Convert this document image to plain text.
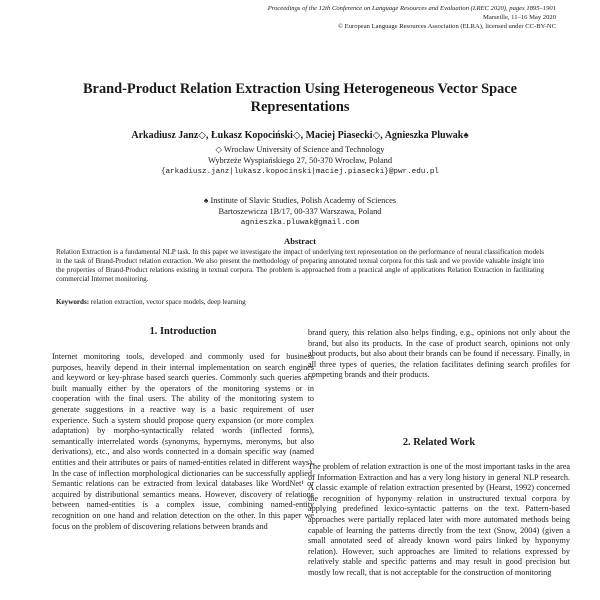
Proceedings of the 12th Conference on Language Resources and Evaluation (LREC 2020), pages 1895–1901
Marseille, 11–16 May 2020
© European Language Resources Association (ELRA), licensed under CC-BY-NC
Brand-Product Relation Extraction Using Heterogeneous Vector Space
Representations
Arkadiusz Janz◇, Łukasz Kopociński◇, Maciej Piasecki◇, Agnieszka Pluwak♠
◇ Wrocław University of Science and Technology
Wybrzeże Wyspiańskiego 27, 50-370 Wrocław, Poland
{arkadiusz.janz|lukasz.kopocinski|maciej.piasecki}@pwr.edu.pl
♠ Institute of Slavic Studies, Polish Academy of Sciences
Bartoszewicza 1B/17, 00-337 Warszawa, Poland
agnieszka.pluwak@gmail.com
Abstract
Relation Extraction is a fundamental NLP task. In this paper we investigate the impact of underlying text representation on the performance of neural classification models in the task of Brand-Product relation extraction. We also present the methodology of preparing annotated textual corpora for this task and we provide valuable insight into the properties of Brand-Product relations existing in textual corpora. The problem is approached from a practical angle of applications Relation Extraction in facilitating commercial Internet monitoring.
Keywords: relation extraction, vector space models, deep learning
1. Introduction
Internet monitoring tools, developed and commonly used for business purposes, heavily depend in their internal implementation on search engines and keyword or key-phrase based search queries. Commonly such queries are built manually either by the operators of the monitoring systems or in cooperation with the final users. The ability of the monitoring system to generate suggestions in a reactive way is a basic requirement of user experience. Such a system should propose query expansion (or more complex adaptation) by morpho-syntactically related words (inflected forms), semantically interrelated words (synonyms, hypernyms, meronyms, but also derivations), etc., and also words connected in a domain specific way (named entities and their attributes or pairs of named-entities related in different ways). In the case of inflection morphological dictionaries can be successfully applied. Semantic relations can be extracted from lexical databases like WordNet¹ or acquired by distributional semantics means. However, discovery of relations between named-entities is a complex issue, combining named-entity recognition on one hand and relation detection on the other. In this paper we focus on the problem of discovering relations between brands and
brand query, this relation also helps finding, e.g., opinions not only about the brand, but also its products. In the case of product search, opinions not only about products, but also about their brands can be found if necessary. Finally, in all three types of queries, the relation facilitates defining search profiles for competing brands and their products.
2. Related Work
The problem of relation extraction is one of the most important tasks in the area of Information Extraction and has a very long history in general NLP research. A classic example of relation extraction presented by (Hearst, 1992) concerned the recognition of hyponymy relation in unstructured textual corpora by applying predefined lexico-syntactic patterns on the text. Pattern-based approaches were partially replaced later with more automated methods being capable of learning the patterns directly from the text (Snow, 2004) (given a small annotated seed of already known word pairs linked by hyponymy relation). However, such approaches are limited to relations expressed by relatively stable and specific patterns and may result in good precision but mostly low recall, that is not acceptable for the construction of monitoring
